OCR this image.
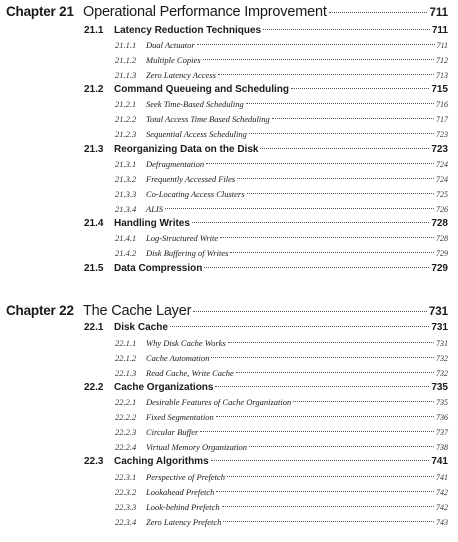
Chapter 21 Operational Performance Improvement	711
21.1	Latency Reduction Techniques	711
21.1.1	Dual Actuator	711
21.1.2	Multiple Copies	712
21.1.3	Zero Latency Access	713
21.2	Command Queueing and Scheduling	715
21.2.1	Seek Time-Based Scheduling	716
21.2.2	Total Access Time Based Scheduling	717
21.2.3	Sequential Access Scheduling	723
21.3	Reorganizing Data on the Disk	723
21.3.1	Defragmentation	724
21.3.2	Frequently Accessed Files	724
21.3.3	Co-Locating Access Clusters	725
21.3.4	ALIS	726
21.4	Handling Writes	728
21.4.1	Log-Structured Write	728
21.4.2	Disk Buffering of Writes	729
21.5	Data Compression	729
Chapter 22 The Cache Layer	731
22.1	Disk Cache	731
22.1.1	Why Disk Cache Works	731
22.1.2	Cache Automation	732
22.1.3	Read Cache, Write Cache	732
22.2	Cache Organizations	735
22.2.1	Desirable Features of Cache Organization	735
22.2.2	Fixed Segmentation	736
22.2.3	Circular Buffer	737
22.2.4	Virtual Memory Organization	738
22.3	Caching Algorithms	741
22.3.1	Perspective of Prefetch	741
22.3.2	Lookahead Prefetch	742
22.3.3	Look-behind Prefetch	742
22.3.4	Zero Latency Prefetch	743
